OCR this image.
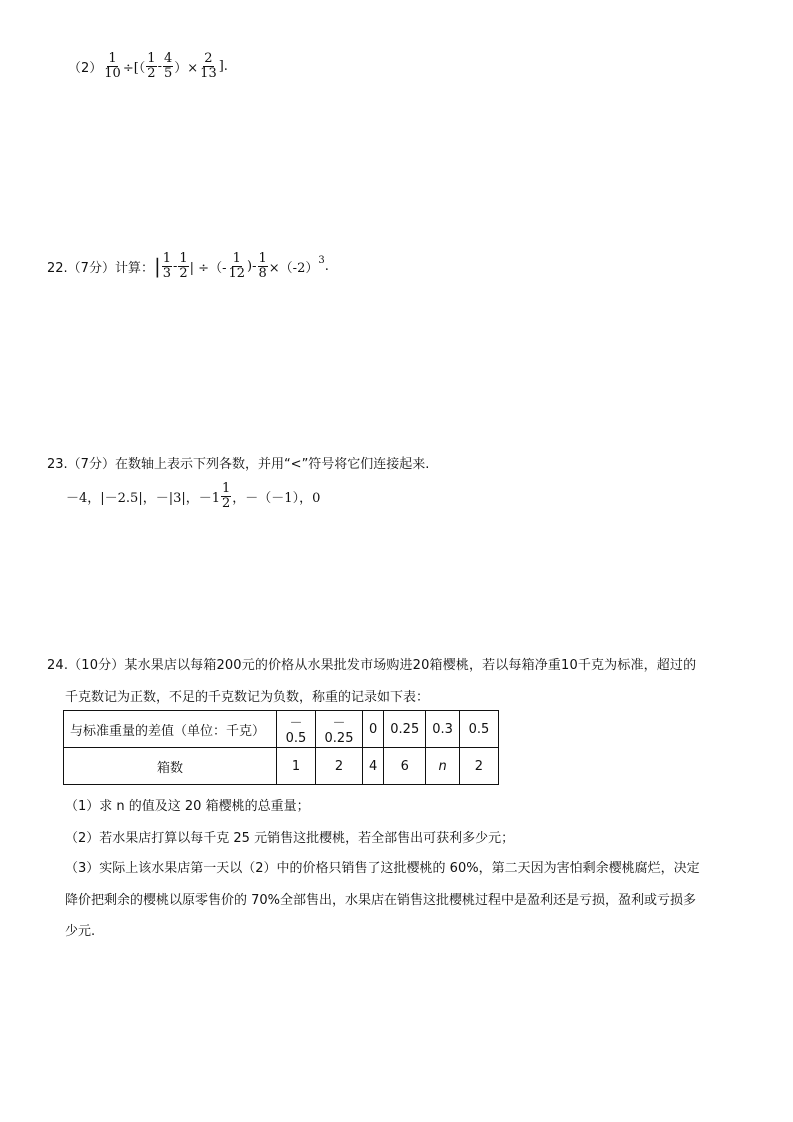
$(2) \frac{1}{10}$ ÷[（ $\frac{1}{2} - \frac{4}{5}$ ）× $\frac{2}{13}$ ].
22.（7分）计算： | $\frac{1}{3} - \frac{1}{2}$ | ÷（- $\frac{1}{12}$ )- $\frac{1}{8} \times(-2)$
$^3$ .
23.（7分）在数轴上表示下列各数，并用“<”符号将它们连接起来.
－4，|－2.5|，－|3|，$-1 \frac{1}{2}$ ，－（－1），0
24.（10分）某水果店以每箱200元的价格从水果批发市场购进20箱樱桃，若以每箱净重10千克为标准，超过的
千克数记为正数，不足的千克数记为负数，称重的记录如下表：
与标准重量的差值（单位：千克）	－0.5	－0.25	0	0.25	0.3	0.5
箱数	1	2	4	6	n	2
（1）求 n 的值及这 20 箱樱桃的总重量；
（2）若水果店打算以每千克 25 元销售这批樱桃，若全部售出可获利多少元；
（3）实际上该水果店第一天以（2）中的价格只销售了这批樱桃的 60%，第二天因为害怕剩余樱桃腐烂，决定
降价把剩余的樱桃以原零售价的 70%全部售出，水果店在销售这批樱桃过程中是盈利还是亏损，盈利或亏损多
少元.
